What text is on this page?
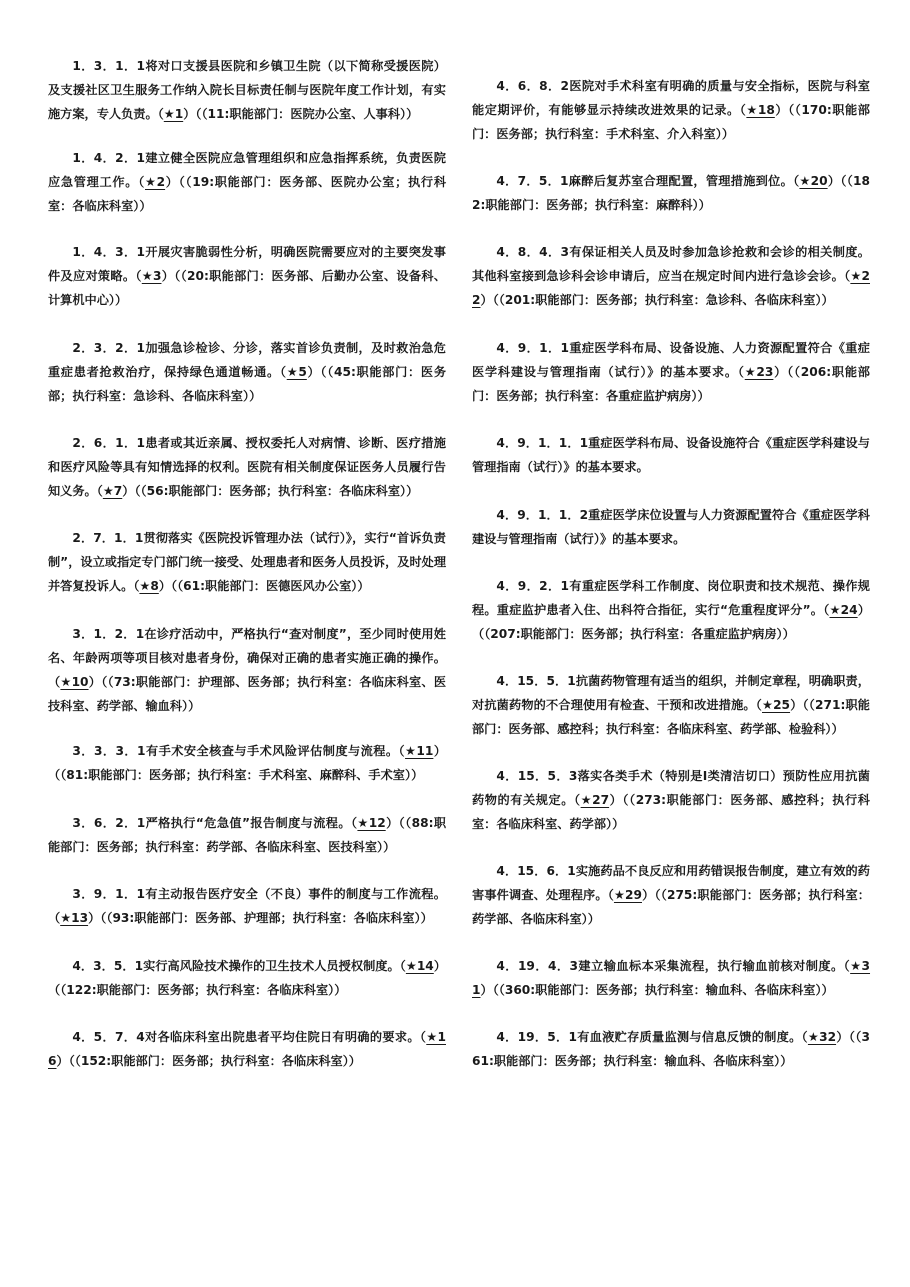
1．3．1．1将对口支援县医院和乡镇卫生院（以下简称受援医院）及支援社区卫生服务工作纳入院长目标责任制与医院年度工作计划，有实施方案，专人负责。（★1）（（11:职能部门：医院办公室、人事科））

1．4．2．1建立健全医院应急管理组织和应急指挥系统，负责医院应急管理工作。（★2）（（19:职能部门：医务部、医院办公室；执行科室：各临床科室））

1．4．3．1开展灾害脆弱性分析，明确医院需要应对的主要突发事件及应对策略。（★3）（（20:职能部门：医务部、后勤办公室、设备科、计算机中心））

2．3．2．1加强急诊检诊、分诊，落实首诊负责制，及时救治急危重症患者抢救治疗，保持绿色通道畅通。（★5）（（45:职能部门：医务部；执行科室：急诊科、各临床科室））

2．6．1．1患者或其近亲属、授权委托人对病情、诊断、医疗措施和医疗风险等具有知情选择的权利。医院有相关制度保证医务人员履行告知义务。（★7）（（56:职能部门：医务部；执行科室：各临床科室））

2．7．1．1贯彻落实《医院投诉管理办法（试行）》，实行“首诉负责制”，设立或指定专门部门统一接受、处理患者和医务人员投诉，及时处理并答复投诉人。（★8）（（61:职能部门：医德医风办公室））

3．1．2．1在诊疗活动中，严格执行“查对制度”，至少同时使用姓名、年龄两项等项目核对患者身份，确保对正确的患者实施正确的操作。（★10）（（73:职能部门：护理部、医务部；执行科室：各临床科室、医技科室、药学部、输血科））

3．3．3．1有手术安全核查与手术风险评估制度与流程。（★11）（（81:职能部门：医务部；执行科室：手术科室、麻醉科、手术室））

3．6．2．1严格执行“危急值”报告制度与流程。（★12）（（88:职能部门：医务部；执行科室：药学部、各临床科室、医技科室））

3．9．1．1有主动报告医疗安全（不良）事件的制度与工作流程。（★13）（（93:职能部门：医务部、护理部；执行科室：各临床科室））

4．3．5．1实行高风险技术操作的卫生技术人员授权制度。（★14）（（122:职能部门：医务部；执行科室：各临床科室））

4．5．7．4对各临床科室出院患者平均住院日有明确的要求。（★16）（（152:职能部门：医务部；执行科室：各临床科室））

4．6．8．2医院对手术科室有明确的质量与安全指标，医院与科室能定期评价，有能够显示持续改进效果的记录。（★18）（（170:职能部门：医务部；执行科室：手术科室、介入科室））

4．7．5．1麻醉后复苏室合理配置，管理措施到位。（★20）（（182:职能部门：医务部；执行科室：麻醉科））

4．8．4．3有保证相关人员及时参加急诊抢救和会诊的相关制度。其他科室接到急诊科会诊申请后，应当在规定时间内进行急诊会诊。（★22）（（201:职能部门：医务部；执行科室：急诊科、各临床科室））

4．9．1．1重症医学科布局、设备设施、人力资源配置符合《重症医学科建设与管理指南（试行）》的基本要求。（★23）（（206:职能部门：医务部；执行科室：各重症监护病房））

4．9．1．1．1重症医学科布局、设备设施符合《重症医学科建设与管理指南（试行）》的基本要求。

4．9．1．1．2重症医学床位设置与人力资源配置符合《重症医学科建设与管理指南（试行）》的基本要求。

4．9．2．1有重症医学科工作制度、岗位职责和技术规范、操作规程。重症监护患者入住、出科符合指征，实行“危重程度评分”。（★24）（（207:职能部门：医务部；执行科室：各重症监护病房））

4．15．5．1抗菌药物管理有适当的组织，并制定章程，明确职责，对抗菌药物的不合理使用有检查、干预和改进措施。（★25）（（271:职能部门：医务部、感控科；执行科室：各临床科室、药学部、检验科））

4．15．5．3落实各类手术（特别是Ⅰ类清洁切口）预防性应用抗菌药物的有关规定。（★27）（（273:职能部门：医务部、感控科；执行科室：各临床科室、药学部））

4．15．6．1实施药品不良反应和用药错误报告制度，建立有效的药害事件调查、处理程序。（★29）（（275:职能部门：医务部；执行科室：药学部、各临床科室））

4．19．4．3建立输血标本采集流程，执行输血前核对制度。（★31）（（360:职能部门：医务部；执行科室：输血科、各临床科室））

4．19．5．1有血液贮存质量监测与信息反馈的制度。（★32）（（361:职能部门：医务部；执行科室：输血科、各临床科室））
